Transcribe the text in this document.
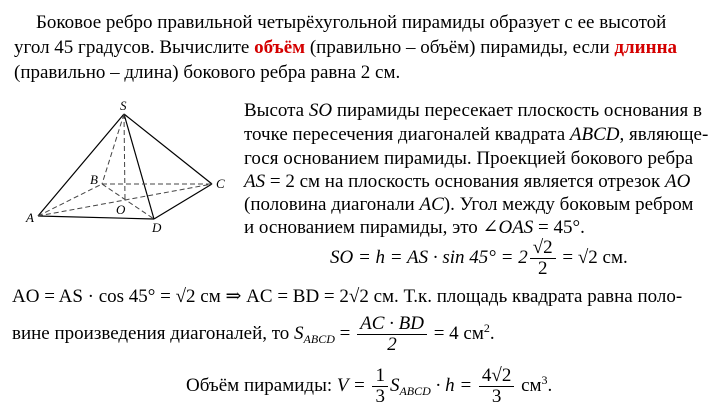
Боковое ребро правильной четырёхугольной пирамиды образует с ее высотой
угол 45 градусов. Вычислите объём (правильно – объём) пирамиды, если длинна
(правильно – длина) бокового ребра равна 2 см.
S
A
B	C
D
O
Высота SO пирамиды пересекает плоскость основания в
точке пересечения диагоналей квадрата ABCD, являюще-
гося основанием пирамиды. Проекцией бокового ребра
AS = 2 см на плоскость основания является отрезок AO
(половина диагонали AC). Угол между боковым ребром
и основанием пирамиды, это ∠OAS = 45°.
SO = h = AS · $\sin 45^\circ = 2 \frac{√2}{2} = √2$ см.
AO = AS · cos 45° = √2 см ⇒ AC = BD = 2√2 см. Т.к. площадь квадрата равна поло-
вине произведения диагоналей, то $S_{ABCD} = \frac{AC \cdot BD}{2} = 4$ $см^2$.
Объём пирамиды: $V = \frac{1}{3} S_{ABCD} \cdot h = \frac{4√2}{3} см^3$.
